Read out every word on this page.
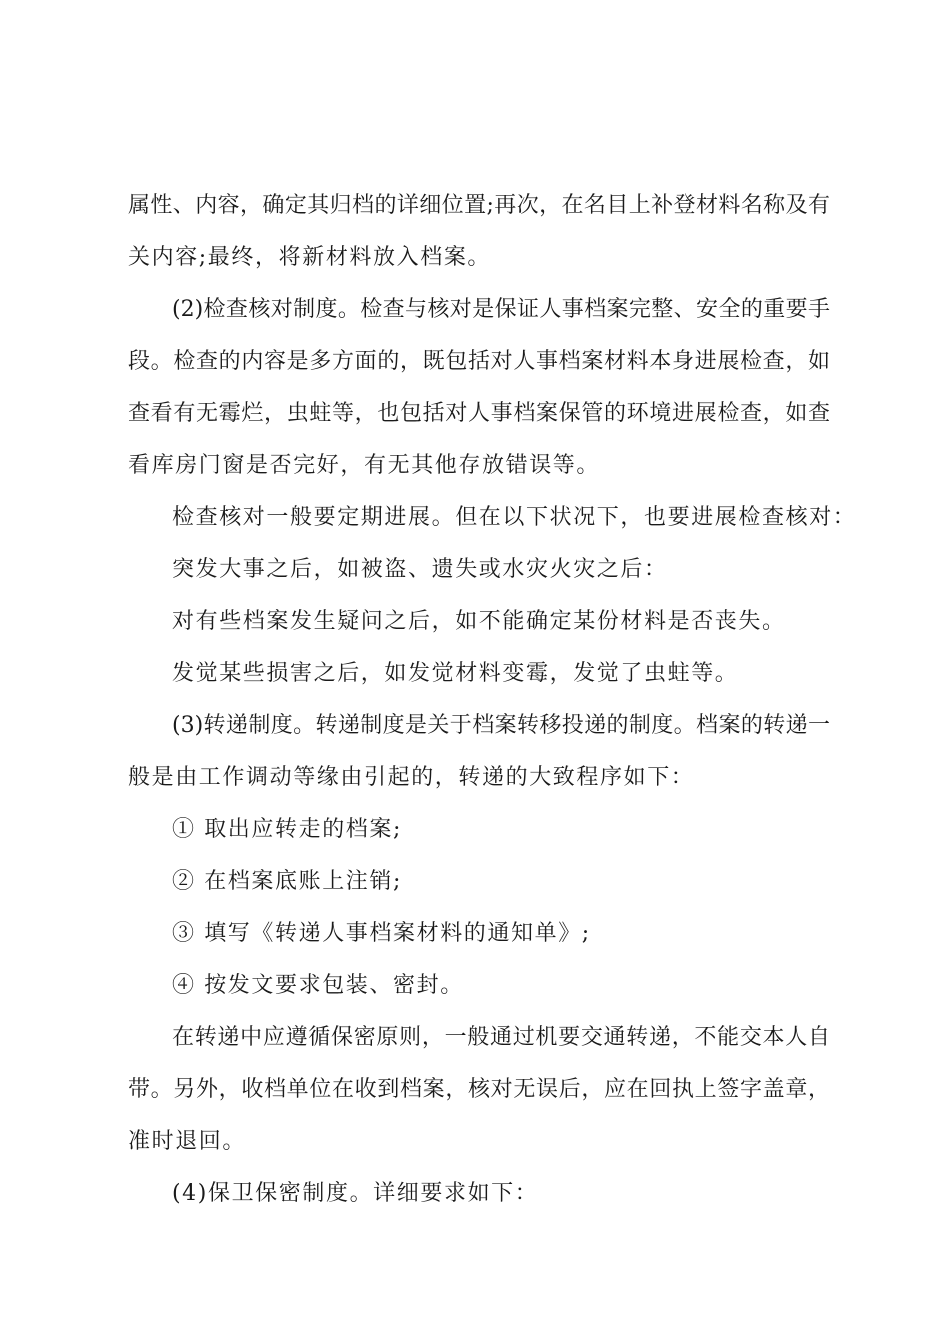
属性、内容，确定其归档的详细位置;再次，在名目上补登材料名称及有
关内容;最终，将新材料放入档案。
(2)检查核对制度。检查与核对是保证人事档案完整、安全的重要手
段。检查的内容是多方面的，既包括对人事档案材料本身进展检查，如
查看有无霉烂，虫蛀等，也包括对人事档案保管的环境进展检查，如查
看库房门窗是否完好，有无其他存放错误等。
检查核对一般要定期进展。但在以下状况下，也要进展检查核对：
突发大事之后，如被盗、遗失或水灾火灾之后：
对有些档案发生疑问之后，如不能确定某份材料是否丧失。
发觉某些损害之后，如发觉材料变霉，发觉了虫蛀等。
(3)转递制度。转递制度是关于档案转移投递的制度。档案的转递一
般是由工作调动等缘由引起的，转递的大致程序如下：
① 取出应转走的档案;
② 在档案底账上注销;
③ 填写《转递人事档案材料的通知单》;
④ 按发文要求包装、密封。
在转递中应遵循保密原则，一般通过机要交通转递，不能交本人自
带。另外，收档单位在收到档案，核对无误后，应在回执上签字盖章，
准时退回。
(4)保卫保密制度。详细要求如下：
